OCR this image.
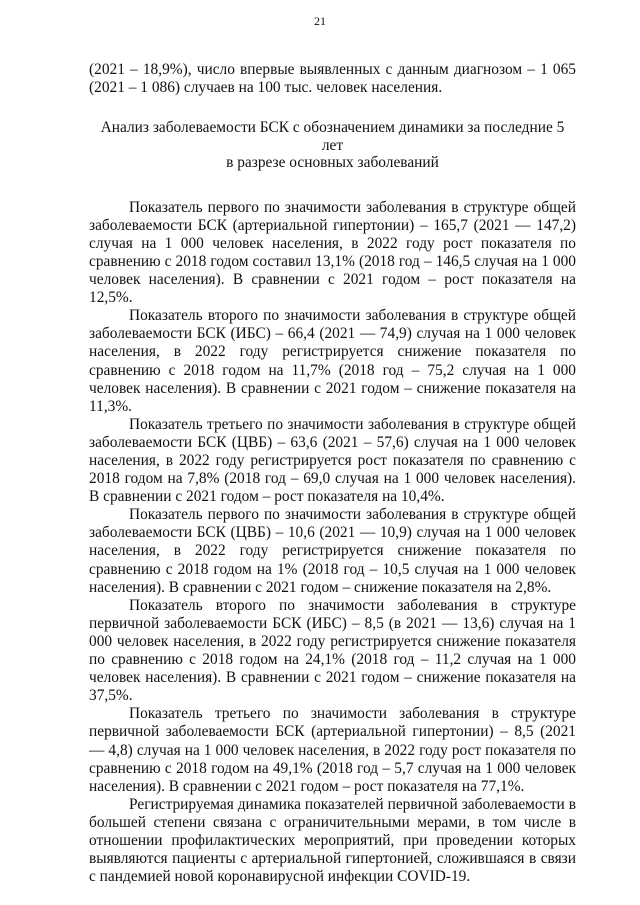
21

(2021 – 18,9%), число впервые выявленных с данным диагнозом – 1 065 (2021 – 1 086) случаев на 100 тыс. человек населения.

Анализ заболеваемости БСК с обозначением динамики за последние 5 лет
в разрезе основных заболеваний

Показатель первого по значимости заболевания в структуре общей заболеваемости БСК (артериальной гипертонии) – 165,7 (2021 — 147,2) случая на 1 000 человек населения, в 2022 году рост показателя по сравнению с 2018 годом составил 13,1% (2018 год – 146,5 случая на 1 000 человек населения). В сравнении с 2021 годом – рост показателя на 12,5%.

Показатель второго по значимости заболевания в структуре общей заболеваемости БСК (ИБС) – 66,4 (2021 — 74,9) случая на 1 000 человек населения, в 2022 году регистрируется снижение показателя по сравнению с 2018 годом на 11,7% (2018 год – 75,2 случая на 1 000 человек населения). В сравнении с 2021 годом – снижение показателя на 11,3%.

Показатель третьего по значимости заболевания в структуре общей заболеваемости БСК (ЦВБ) – 63,6 (2021 – 57,6) случая на 1 000 человек населения, в 2022 году регистрируется рост показателя по сравнению с 2018 годом на 7,8% (2018 год – 69,0 случая на 1 000 человек населения). В сравнении с 2021 годом – рост показателя на 10,4%.

Показатель первого по значимости заболевания в структуре общей заболеваемости БСК (ЦВБ) – 10,6 (2021 — 10,9) случая на 1 000 человек населения, в 2022 году регистрируется снижение показателя по сравнению с 2018 годом на 1% (2018 год – 10,5 случая на 1 000 человек населения). В сравнении с 2021 годом – снижение показателя на 2,8%.

Показатель второго по значимости заболевания в структуре первичной заболеваемости БСК (ИБС) – 8,5 (в 2021 — 13,6) случая на 1 000 человек населения, в 2022 году регистрируется снижение показателя по сравнению с 2018 годом на 24,1% (2018 год – 11,2 случая на 1 000 человек населения). В сравнении с 2021 годом – снижение показателя на 37,5%.

Показатель третьего по значимости заболевания в структуре первичной заболеваемости БСК (артериальной гипертонии) – 8,5 (2021 — 4,8) случая на 1 000 человек населения, в 2022 году рост показателя по сравнению с 2018 годом на 49,1% (2018 год – 5,7 случая на 1 000 человек населения). В сравнении с 2021 годом – рост показателя на 77,1%.

Регистрируемая динамика показателей первичной заболеваемости в большей степени связана с ограничительными мерами, в том числе в отношении профилактических мероприятий, при проведении которых выявляются пациенты с артериальной гипертонией, сложившаяся в связи с пандемией новой коронавирусной инфекции COVID-19.
